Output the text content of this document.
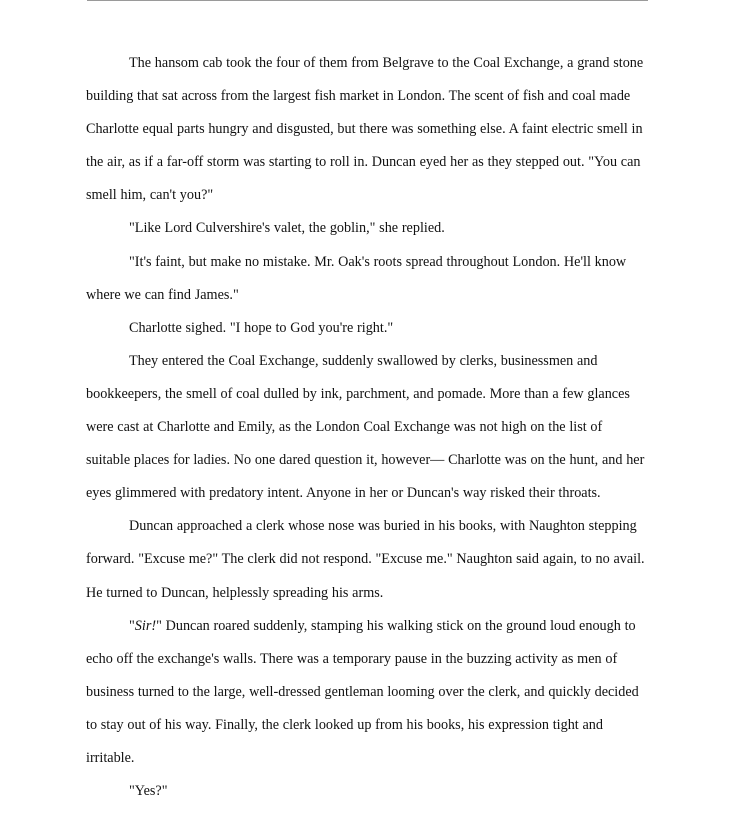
The hansom cab took the four of them from Belgrave to the Coal Exchange, a grand stone building that sat across from the largest fish market in London. The scent of fish and coal made Charlotte equal parts hungry and disgusted, but there was something else. A faint electric smell in the air, as if a far-off storm was starting to roll in. Duncan eyed her as they stepped out. "You can smell him, can't you?"

"Like Lord Culvershire's valet, the goblin," she replied.

"It's faint, but make no mistake. Mr. Oak's roots spread throughout London. He'll know where we can find James."

Charlotte sighed. "I hope to God you're right."

They entered the Coal Exchange, suddenly swallowed by clerks, businessmen and bookkeepers, the smell of coal dulled by ink, parchment, and pomade. More than a few glances were cast at Charlotte and Emily, as the London Coal Exchange was not high on the list of suitable places for ladies. No one dared question it, however— Charlotte was on the hunt, and her eyes glimmered with predatory intent. Anyone in her or Duncan's way risked their throats.

Duncan approached a clerk whose nose was buried in his books, with Naughton stepping forward. "Excuse me?" The clerk did not respond. "Excuse me." Naughton said again, to no avail. He turned to Duncan, helplessly spreading his arms.

"Sir!" Duncan roared suddenly, stamping his walking stick on the ground loud enough to echo off the exchange's walls. There was a temporary pause in the buzzing activity as men of business turned to the large, well-dressed gentleman looming over the clerk, and quickly decided to stay out of his way. Finally, the clerk looked up from his books, his expression tight and irritable.

"Yes?"
